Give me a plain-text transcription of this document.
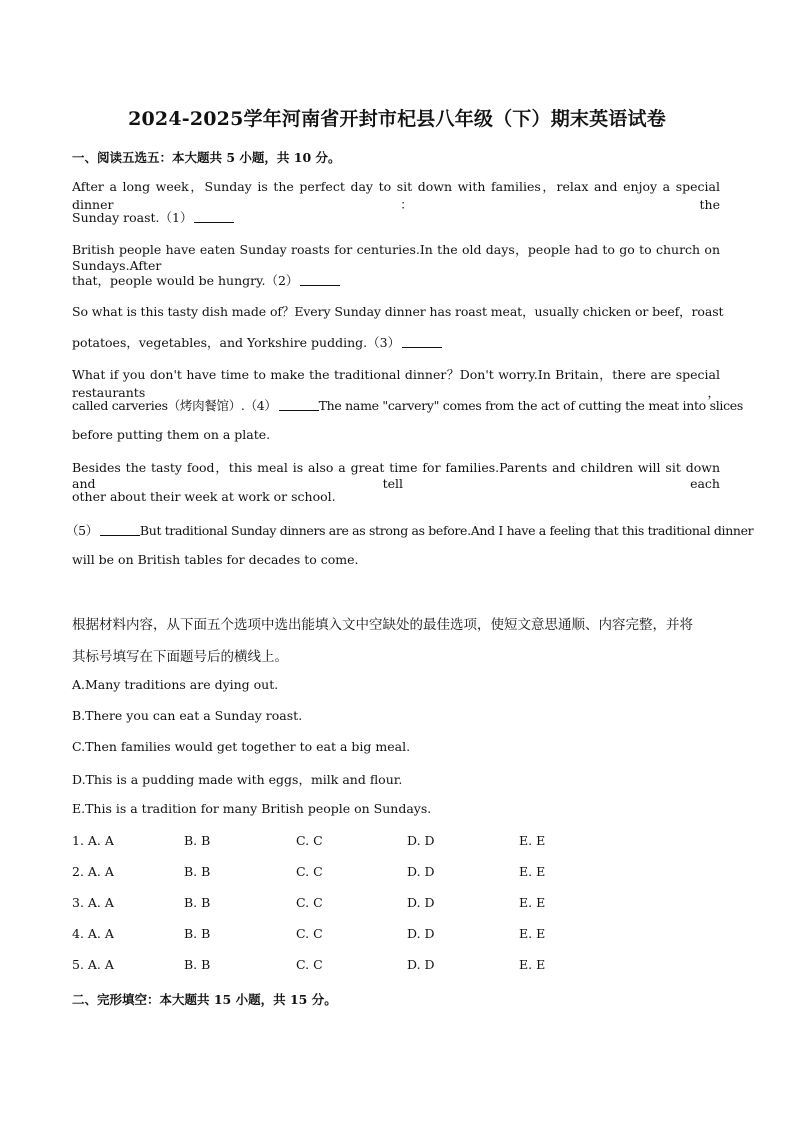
2024-2025学年河南省开封市杞县八年级（下）期末英语试卷
一、阅读五选五：本大题共 5 小题，共 10 分。
After a long week，Sunday is the perfect day to sit down with families，relax and enjoy a special dinner：the
Sunday roast.（1）
British people have eaten Sunday roasts for centuries.In the old days，people had to go to church on Sundays.After
that，people would be hungry.（2）
So what is this tasty dish made of？Every Sunday dinner has roast meat，usually chicken or beef，roast
potatoes，vegetables，and Yorkshire pudding.（3）
What if you don't have time to make the traditional dinner？Don't worry.In Britain，there are special restaurants，
called carveries（烤肉餐馆）.（4）	The name "carvery" comes from the act of cutting the meat into slices
before putting them on a plate.
Besides the tasty food，this meal is also a great time for families.Parents and children will sit down and tell each
other about their week at work or school.
（5）	But traditional Sunday dinners are as strong as before.And I have a feeling that this traditional dinner
will be on British tables for decades to come.
根据材料内容，从下面五个选项中选出能填入文中空缺处的最佳选项，使短文意思通顺、内容完整，并将
其标号填写在下面题号后的横线上。
A.Many traditions are dying out.
B.There you can eat a Sunday roast.
C.Then families would get together to eat a big meal.
D.This is a pudding made with eggs，milk and flour.
E.This is a tradition for many British people on Sundays.
1. A. A	B. B	C. C	D. D	E. E
2. A. A	B. B	C. C	D. D	E. E
3. A. A	B. B	C. C	D. D	E. E
4. A. A	B. B	C. C	D. D	E. E
5. A. A	B. B	C. C	D. D	E. E
二、完形填空：本大题共 15 小题，共 15 分。
